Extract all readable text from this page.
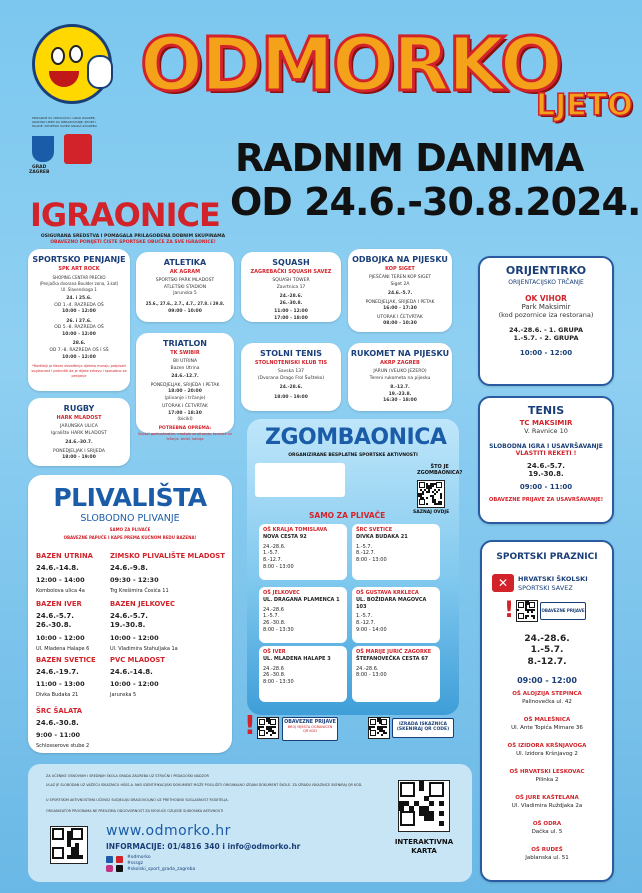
PROGRAM SU OMOGUĆILI: GRAD ZAGREB, GRADSKI URED ZA OBRAZOVANJE, SPORT I MLADE; SPORTSKI SAVEZ GRADA ZAGREBA
GRAD
ZAGREB
ODMORKO
LJETO
RADNIM DANIMA
OD 24.6.-30.8.2024.
IGRAONICE
OSIGURANA SREDSTVA I POMAGALA PRILAGOĐENA DOBNIM SKUPINAMA
OBAVEZNO PONIJETI ČISTE SPORTSKE OBUĆE ZA SVE IGRAONICE!
SPORTSKO PENJANJE
SPK ART ROCK
SHOPING CENTAR PREČKO
(Penjačka dvorana Boulder zona, 3.kat)
Ul. Slavenskoga 1
24. i 25.6.
OD 1.-4. RAZREDA OŠ
10:00 - 12:00
26. i 27.6.
OD 5.-8. RAZREDA OŠ
10:00 - 12:00
28.6.
OD 7.-8. RAZREDA OŠ I SŠ
10:00 - 12:00
*Roditelji prilikom dovođenja djeteta moraju potpisati suglasnost i potvrditi da je dijete zdravo i sposobno za penjanje
ATLETIKA
AK AGRAM
SPORTSKI PARK MLADOST
ATLETSKI STADION
Jarunska 5
25.6., 27.6., 2.7., 4.7., 27.8. i 29.8.
09:00 - 10:00
SQUASH
ZAGREBAČKI SQUASH SAVEZ
SQUASH TOWER
Zavrtnica 17
24.-28.6.
26.-30.8.
11:00 - 12:00
17:00 - 18:00
ODBOJKA NA PIJESKU
KOP SIGET
PJEŠČANI TEREN KOP SIGET
Siget 2A
24.6.-5.7.
PONEDJELJAK, SRIJEDA I PETAK
16:00 - 17:30
UTORAK I ČETVRTAK
08:00 - 10:30
TRIATLON
TK SWIBIR
BII UTRINA
Bazen Utrina
24.6.-12.7.
PONEDJELJAK, SRIJEDA I PETAK
18:00 - 20:00
(plivanje i trčanje)
UTORAK I ČETVRTAK
17:00 - 18:30
(bicikl)
POTREBNA OPREMA:
Kupaći gaćice/kostim, naočale za plivanje, tenisice za trčanje, bicikl, kaciga
STOLNI TENIS
STOLNOTENISKI KLUB TIS
Savska 137
(Dvorana Drago Frol Šušteko)
24.-28.6.
18:00 - 19:00
RUKOMET NA PIJESKU
AKRP ZAGREB
JARUN (VELIKO JEZERO)
Tereni rukometa na pijesku
8.-12.7.
19.-23.8.
16:30 - 18:00
RUGBY
HARK MLADOST
JARUNSKA ULICA
Igralište HARK MLADOST
24.6.-30.7.
PONEDJELJAK I SRIJEDA
18:00 - 19:00
ORIJENTIRKO
ORIJENTACIJSKO TRČANJE
OK VIHOR
Park Maksimir
(kod pozornice iza restorana)
24.-28.6. - 1. GRUPA
1.-5.7. - 2. GRUPA
10:00 - 12:00
TENIS
TC MAKSIMIR
V. Ravnice 10
SLOBODNA IGRA I USAVRŠAVANJE
VLASTITI REKETI !
24.6.-5.7.
19.-30.8.
09:00 - 11:00
OBAVEZNE PRIJAVE ZA USAVRŠAVANJE!
ZGOMBAONICA
ORGANIZIRANE BESPLATNE SPORTSKE AKTIVNOSTI
ŠTO JE
ZGOMBAONICA?
SAZNAJ OVDJE
SAMO ZA PLIVAČE
OŠ KRALJA TOMISLAVA
NOVA CESTA 92
24.-28.6.
1.-5.7.
8.-12.7.
8:00 - 13:00
ŠRC SVETICE
DIVKA BUDAKA 21
1.-5.7.
8.-12.7.
8:00 - 13:00
OŠ JELKOVEC
UL. DRAGANA PLAMENCA 1
24.-28.6
1.-5.7.
26.-30.8.
8:00 - 13:30
OŠ GUSTAVA KRKLECA
UL. BOŽIDARA MAGOVCA 103
1.-5.7.
8.-12.7.
9:00 - 14:00
OŠ IVER
UL. MLADENA HALAPE 3
24.-28.6
26.-30.8.
8:00 - 13:30
OŠ MARIJE JURIĆ ZAGORKE
ŠTEFANOVEČKA CESTA 67
24.-28.6.
8:00 - 13:00
PLIVALIŠTA
SLOBODNO PLIVANJE
SAMO ZA PLIVAČE
OBAVEZNE PAPUČE I KAPE PREMA KUĆNOM REDU BAZENA!
BAZEN UTRINA
24.6.-14.8.
12:00 - 14:00
Kombolova ulica 4a
ZIMSKO PLIVALIŠTE MLADOST
24.6.-9.8.
09:30 - 12:30
Trg Krešimira Ćosića 11
BAZEN IVER
24.6.-5.7.
26.-30.8.
10:00 - 12:00
Ul. Mladena Halape 6
BAZEN JELKOVEC
24.6.-5.7.
19.-30.8.
10:00 - 12:00
Ul. Vladimira Stahuljaka 1a
BAZEN SVETICE
24.6.-19.7.
11:00 - 13:00
Divka Budaka 21
PVC MLADOST
24.6.-14.8.
10:00 - 12:00
Jarunska 5
ŠRC ŠALATA
24.6.-30.8.
9:00 - 11:00
Schlosserove stube 2
!	OBAVEZNE PRIJAVE
BROJ MJESTA OGRANIČEN
QR KOD
IZRADA ISKAZNICA
(SKENIRAJ QR CODE)
SPORTSKI PRAZNICI
✕	HRVATSKI ŠKOLSKI
SPORTSKI SAVEZ
!	OBAVEZNE PRIJAVE
24.-28.6.
1.-5.7.
8.-12.7.
09:00 - 12:00
OŠ ALOJZIJA STEPINCA
Palinovečka ul. 42
OŠ MALEŠNICA
Ul. Ante Topića Mimare 36
OŠ IZIDORA KRŠNJAVOGA
Ul. Izidora Kršnjavog 2
OŠ HRVATSKI LESKOVAC
Pilinka 2
OŠ JURE KAŠTELANA
Ul. Vladimira Ruždjaka 2a
OŠ ODRA
Dačka ul. 5
OŠ RUDEŠ
Jablanska ul. 51
ZA UČENIKE OSNOVNIH I SREDNJIH ŠKOLA GRADA ZAGREBA UZ STRUČNI I PEDAGOŠKI NADZOR
ULAZ JE SLOBODAN UZ VAŽEĆU ISKAZNICU HŠSS-A. NKO IDENTIFIKACIJSKI DOKUMENT MOŽE POSLUŽITI ORIGINALNO IZDANI DOKUMENT ŠKOLE. ZA IZRADU ISKAZNICE SKENIRAJ QR KOD.
U SPORTSKIM AKTIVNOSTIMA UČENICI SUDJELUJU DRAGOVOLJNO UZ PRETHODNU SUGLASNOST RODITELJA.
ORGANIZATOR PROGRAMA NE PREUZIMA ODGOVORNOST ZA MOGUĆE OZLJEDE SUDIONIKA AKTIVNOSTI
www.odmorko.hr
INFORMACIJE: 01/4816 340 i info@odmorko.hr
#odmorko
#sssgz
#skolski_sport_grada_zagreba
INTERAKTIVNA
KARTA
